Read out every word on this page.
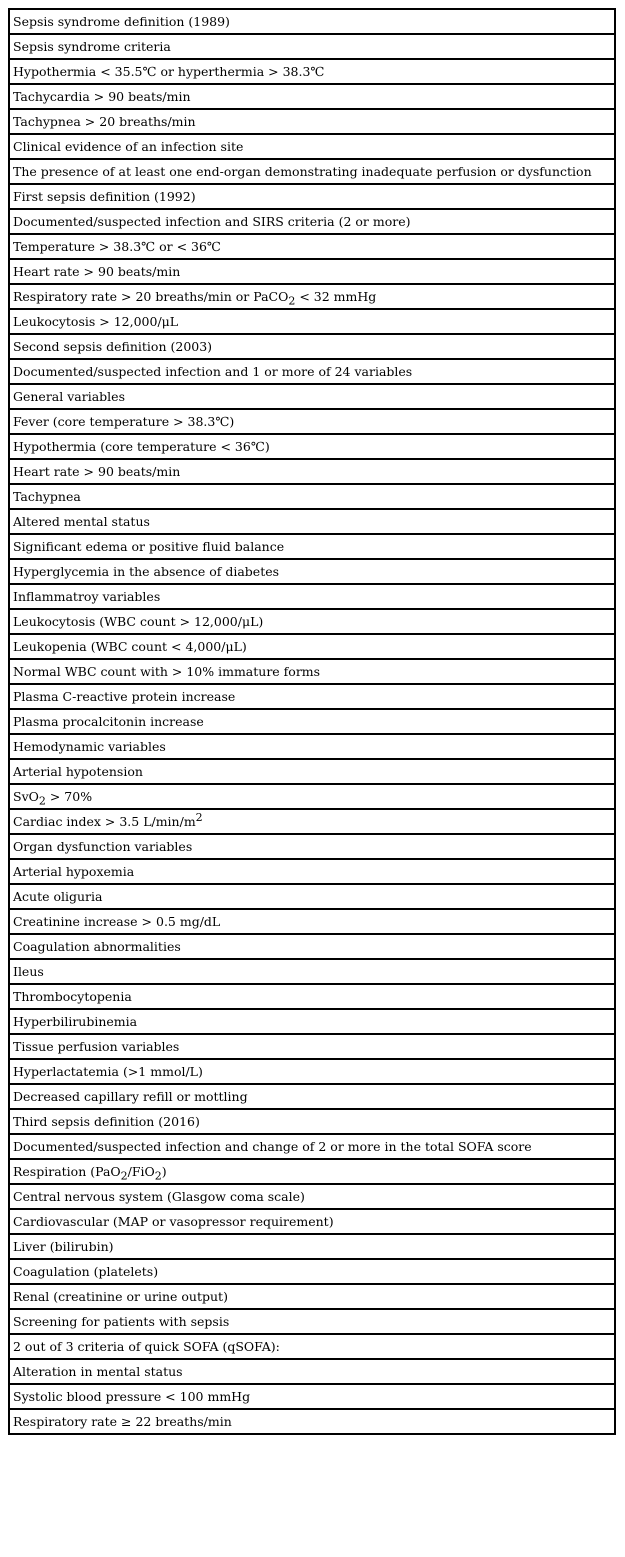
Sepsis syndrome definition (1989)
Sepsis syndrome criteria
Hypothermia < 35.5℃ or hyperthermia > 38.3℃
Tachycardia > 90 beats/min
Tachypnea > 20 breaths/min
Clinical evidence of an infection site
The presence of at least one end-organ demonstrating inadequate perfusion or dysfunction
First sepsis definition (1992)
Documented/suspected infection and SIRS criteria (2 or more)
Temperature > 38.3℃ or < 36℃
Heart rate > 90 beats/min
Respiratory rate > 20 breaths/min or PaCO$_2$ < 32 mmHg
Leukocytosis > 12,000/μL
Second sepsis definition (2003)
Documented/suspected infection and 1 or more of 24 variables
General variables
Fever (core temperature > 38.3℃)
Hypothermia (core temperature < 36℃)
Heart rate > 90 beats/min
Tachypnea
Altered mental status
Significant edema or positive fluid balance
Hyperglycemia in the absence of diabetes
Inflammatroy variables
Leukocytosis (WBC count > 12,000/μL)
Leukopenia (WBC count < 4,000/μL)
Normal WBC count with > 10% immature forms
Plasma C-reactive protein increase
Plasma procalcitonin increase
Hemodynamic variables
Arterial hypotension
SvO$_2$ > 70%
Cardiac index > 3.5 $L/\min/m^2$
Organ dysfunction variables
Arterial hypoxemia
Acute oliguria
Creatinine increase > 0.5 mg/dL
Coagulation abnormalities
Ileus
Thrombocytopenia
Hyperbilirubinemia
Tissue perfusion variables
Hyperlactatemia (>1 mmol/L)
Decreased capillary refill or mottling
Third sepsis definition (2016)
Documented/suspected infection and change of 2 or more in the total SOFA score
Respiration (PaO$_2$/FiO$_2$)
Central nervous system (Glasgow coma scale)
Cardiovascular (MAP or vasopressor requirement)
Liver (bilirubin)
Coagulation (platelets)
Renal (creatinine or urine output)
Screening for patients with sepsis
2 out of 3 criteria of quick SOFA (qSOFA):
Alteration in mental status
Systolic blood pressure < 100 mmHg
Respiratory rate ≥ 22 breaths/min
